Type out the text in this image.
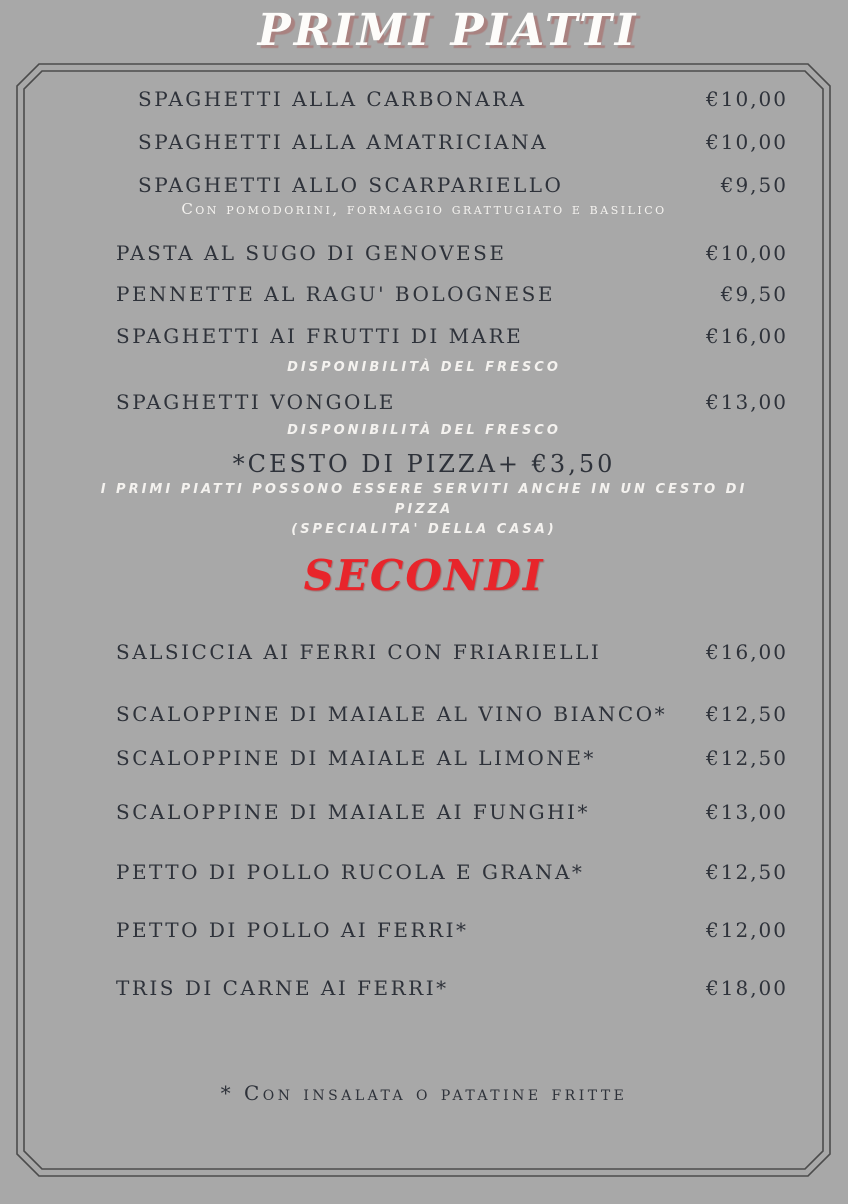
PRIMI PIATTI
SPAGHETTI ALLA CARBONARA	€10,00
SPAGHETTI ALLA AMATRICIANA	€10,00
SPAGHETTI ALLO SCARPARIELLO	€9,50
Con pomodorini, formaggio grattugiato e basilico
PASTA AL SUGO DI GENOVESE	€10,00
PENNETTE AL RAGU' BOLOGNESE	€9,50
SPAGHETTI AI FRUTTI DI MARE	€16,00
DISPONIBILITÀ DEL FRESCO
SPAGHETTI VONGOLE	€13,00
DISPONIBILITÀ DEL FRESCO
*CESTO DI PIZZA+ €3,50
I PRIMI PIATTI POSSONO ESSERE SERVITI ANCHE IN UN CESTO DI PIZZA
(SPECIALITA' DELLA CASA)
SECONDI
SALSICCIA AI FERRI CON FRIARIELLI	€16,00
SCALOPPINE DI MAIALE AL VINO BIANCO*	€12,50
SCALOPPINE DI MAIALE AL LIMONE*	€12,50
SCALOPPINE DI MAIALE AI FUNGHI*	€13,00
PETTO DI POLLO RUCOLA E GRANA*	€12,50
PETTO DI POLLO AI FERRI*	€12,00
TRIS DI CARNE AI FERRI*	€18,00
* Con insalata o patatine fritte
